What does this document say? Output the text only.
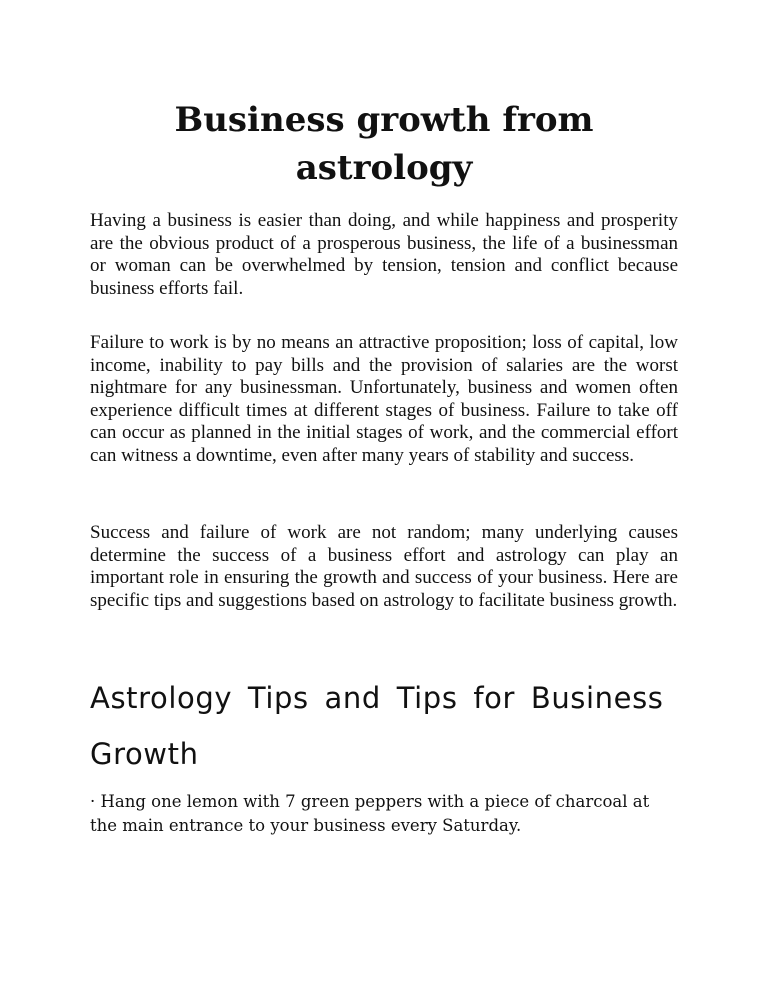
Business growth from astrology

Having a business is easier than doing, and while happiness and prosperity are the obvious product of a prosperous business, the life of a businessman or woman can be overwhelmed by tension, tension and conflict because business efforts fail.

Failure to work is by no means an attractive proposition; loss of capital, low income, inability to pay bills and the provision of salaries are the worst nightmare for any businessman. Unfortunately, business and women often experience difficult times at different stages of business. Failure to take off can occur as planned in the initial stages of work, and the commercial effort can witness a downtime, even after many years of stability and success.

Success and failure of work are not random; many underlying causes determine the success of a business effort and astrology can play an important role in ensuring the growth and success of your business. Here are specific tips and suggestions based on astrology to facilitate business growth.

Astrology Tips and Tips for Business Growth

· Hang one lemon with 7 green peppers with a piece of charcoal at the main entrance to your business every Saturday.
